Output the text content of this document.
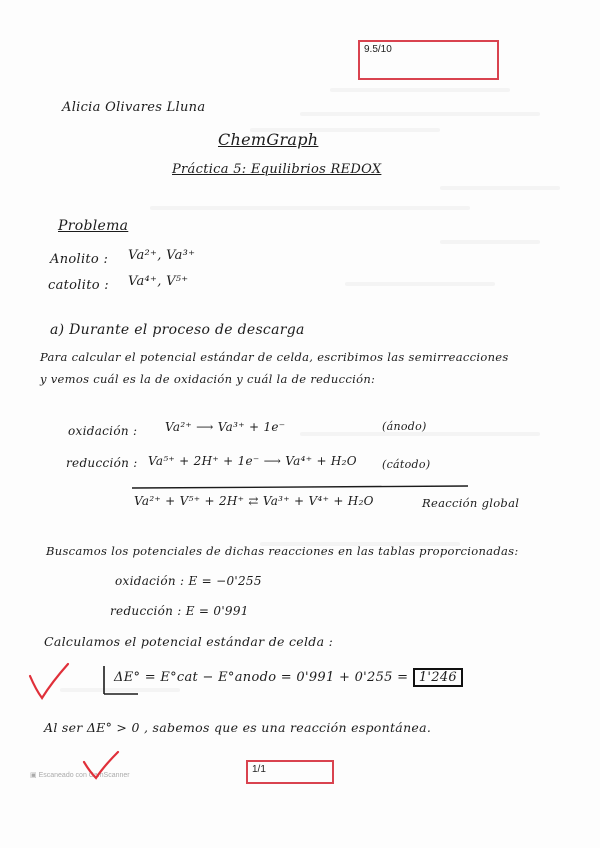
9.5/10
Alicia Olivares Lluna
ChemGraph
Práctica 5: Equilibrios REDOX
Problema
Anolito : Va²⁺, Va³⁺
catolito : Va⁴⁺, V⁵⁺
a) Durante el proceso de descarga
Para calcular el potencial estándar de celda, escribimos las semirreacciones
y vemos cuál es la de oxidación y cuál la de reducción:
oxidación : Va²⁺ ⟶ Va³⁺ + 1e⁻	(ánodo)
reducción : Va⁵⁺ + 2H⁺ + 1e⁻ ⟶ Va⁴⁺ + H₂O (cátodo)
Va²⁺ + V⁵⁺ + 2H⁺ ⇄ Va³⁺ + V⁴⁺ + H₂O	Reacción global
Buscamos los potenciales de dichas reacciones en las tablas proporcionadas:
oxidación : E = −0'255
reducción : E = 0'991
Calculamos el potencial estándar de celda :
ΔE° = E°cat − E°anodo = 0'991 + 0'255 = 1'246
Al ser ΔE° > 0 , sabemos que es una reacción espontánea.
1/1
▣ Escaneado con CamScanner
